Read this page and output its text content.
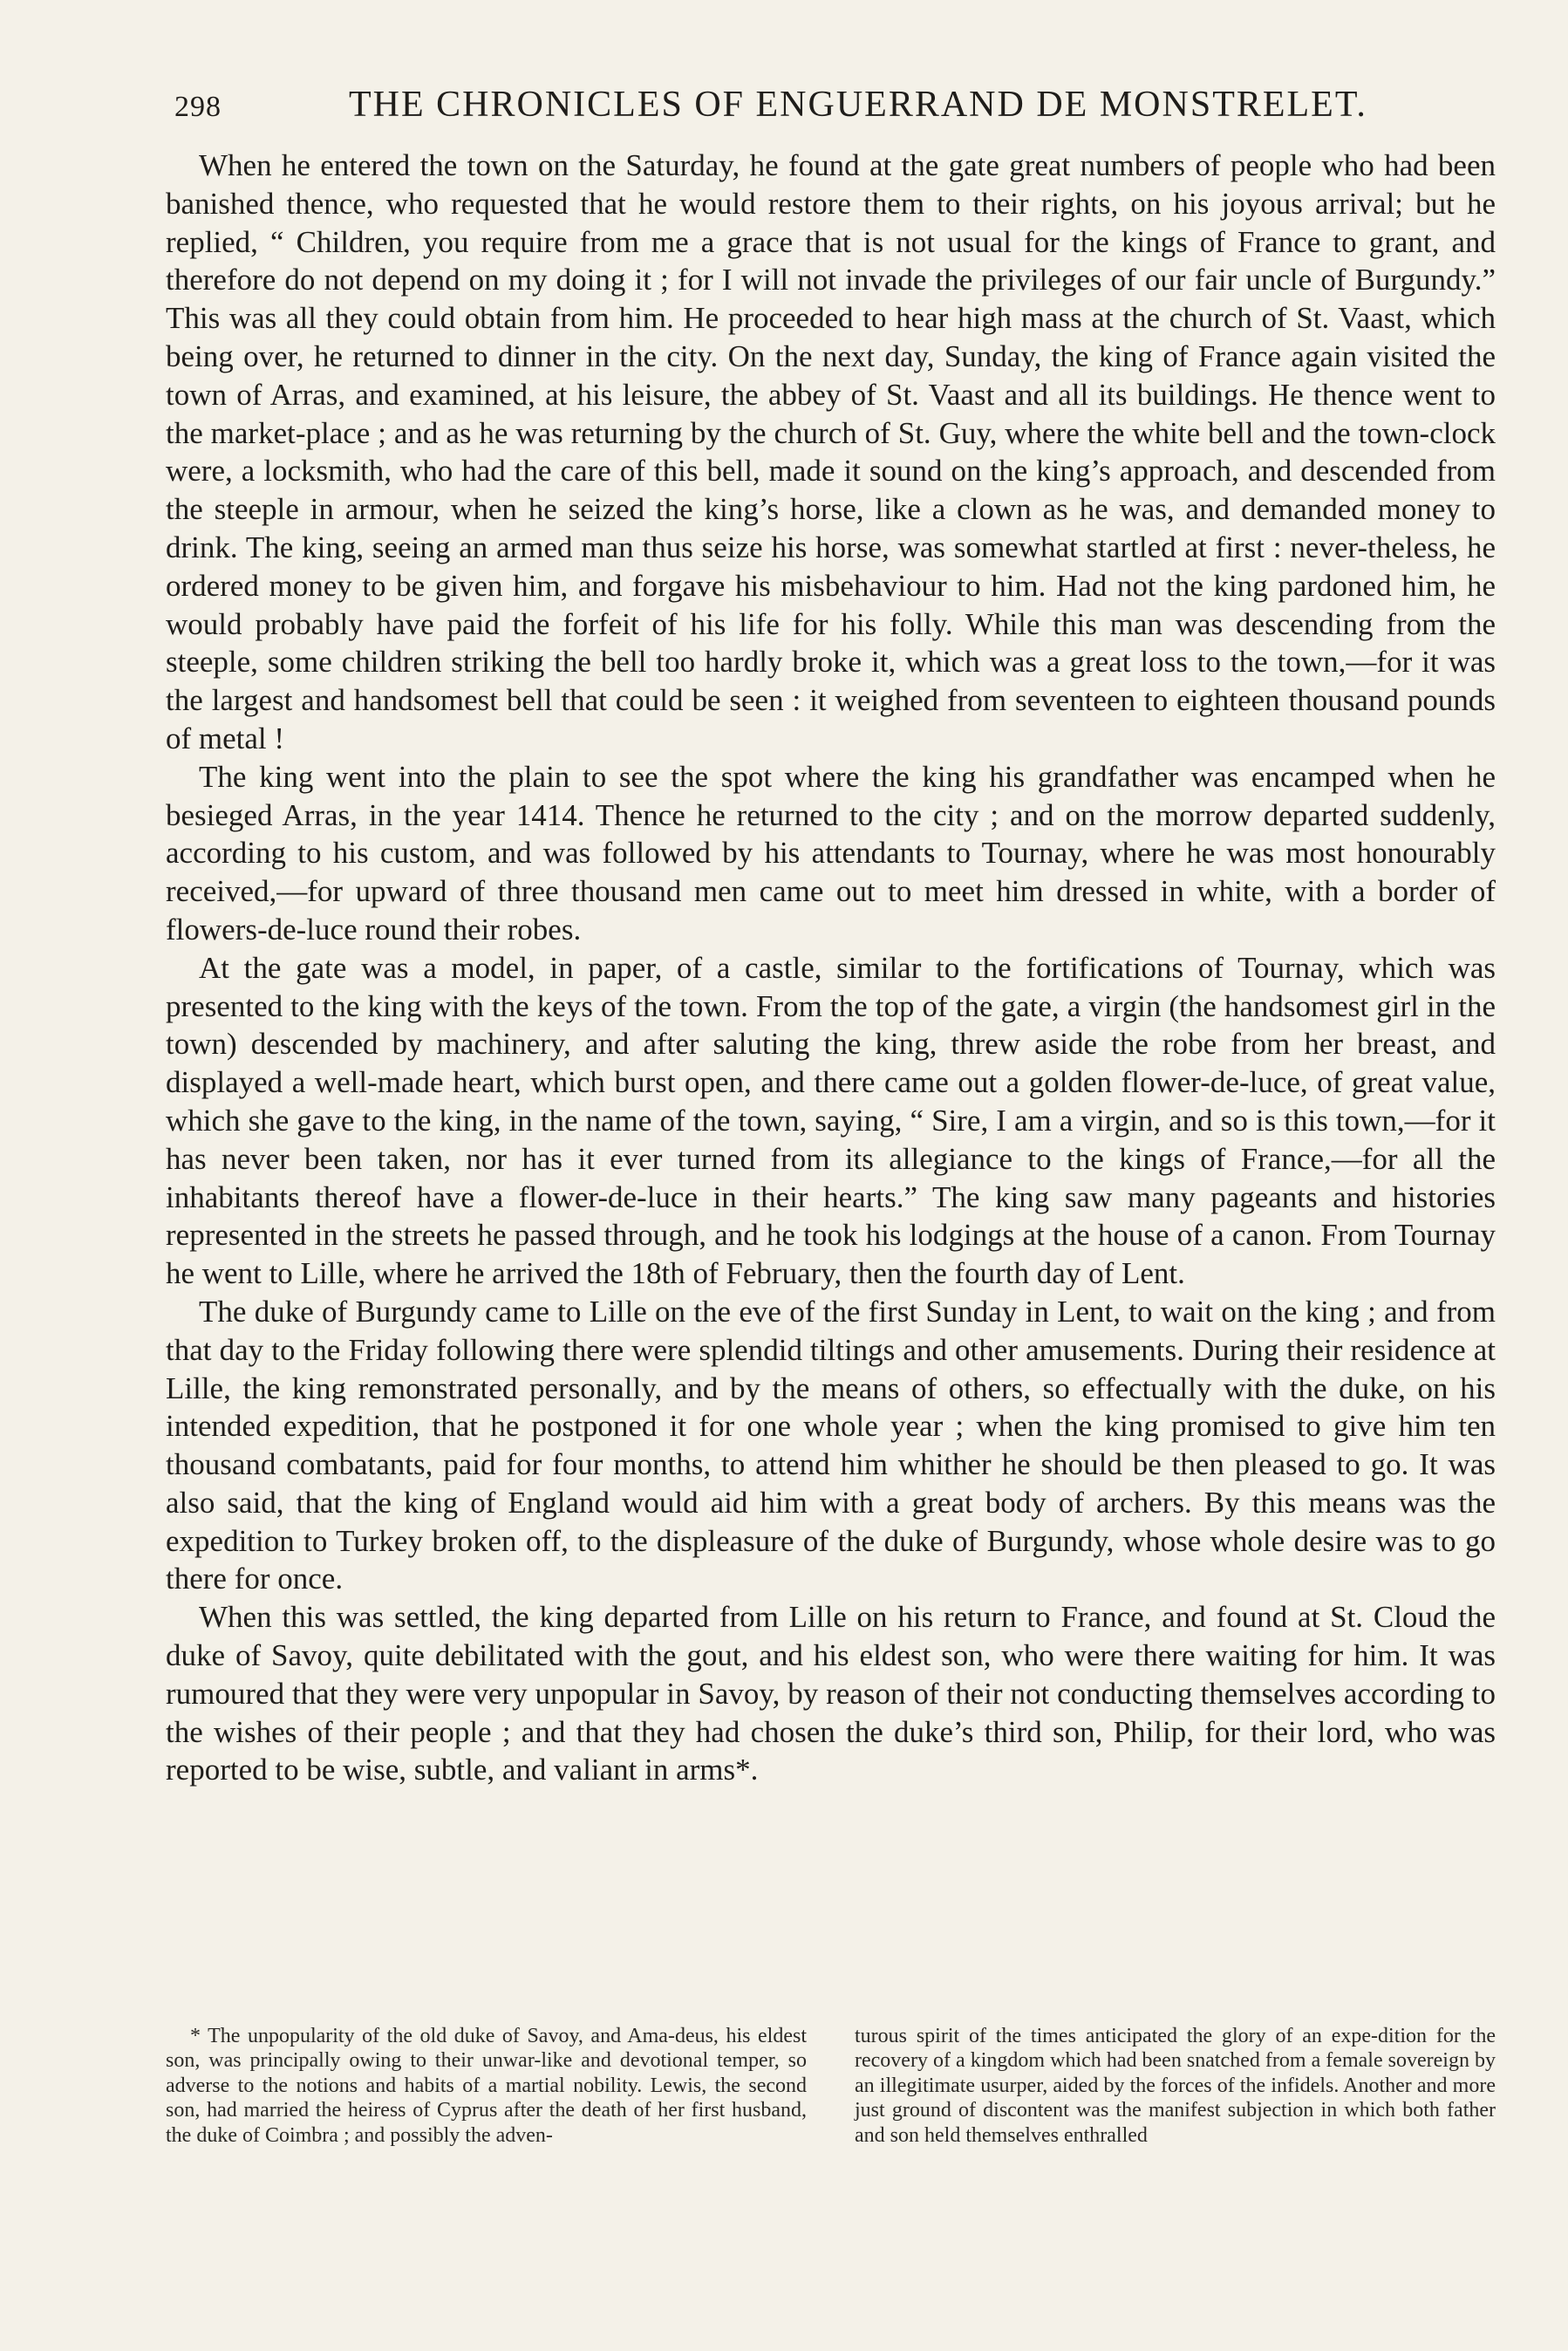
298	THE CHRONICLES OF ENGUERRAND DE MONSTRELET.

When he entered the town on the Saturday, he found at the gate great numbers of people who had been banished thence, who requested that he would restore them to their rights, on his joyous arrival; but he replied, “ Children, you require from me a grace that is not usual for the kings of France to grant, and therefore do not depend on my doing it ; for I will not invade the privileges of our fair uncle of Burgundy.” This was all they could obtain from him. He proceeded to hear high mass at the church of St. Vaast, which being over, he returned to dinner in the city. On the next day, Sunday, the king of France again visited the town of Arras, and examined, at his leisure, the abbey of St. Vaast and all its buildings. He thence went to the market-place ; and as he was returning by the church of St. Guy, where the white bell and the town-clock were, a locksmith, who had the care of this bell, made it sound on the king’s approach, and descended from the steeple in armour, when he seized the king’s horse, like a clown as he was, and demanded money to drink. The king, seeing an armed man thus seize his horse, was somewhat startled at first : never-theless, he ordered money to be given him, and forgave his misbehaviour to him. Had not the king pardoned him, he would probably have paid the forfeit of his life for his folly. While this man was descending from the steeple, some children striking the bell too hardly broke it, which was a great loss to the town,—for it was the largest and handsomest bell that could be seen : it weighed from seventeen to eighteen thousand pounds of metal !

The king went into the plain to see the spot where the king his grandfather was encamped when he besieged Arras, in the year 1414. Thence he returned to the city ; and on the morrow departed suddenly, according to his custom, and was followed by his attendants to Tournay, where he was most honourably received,—for upward of three thousand men came out to meet him dressed in white, with a border of flowers-de-luce round their robes.

At the gate was a model, in paper, of a castle, similar to the fortifications of Tournay, which was presented to the king with the keys of the town. From the top of the gate, a virgin (the handsomest girl in the town) descended by machinery, and after saluting the king, threw aside the robe from her breast, and displayed a well-made heart, which burst open, and there came out a golden flower-de-luce, of great value, which she gave to the king, in the name of the town, saying, “ Sire, I am a virgin, and so is this town,—for it has never been taken, nor has it ever turned from its allegiance to the kings of France,—for all the inhabitants thereof have a flower-de-luce in their hearts.” The king saw many pageants and histories represented in the streets he passed through, and he took his lodgings at the house of a canon. From Tournay he went to Lille, where he arrived the 18th of February, then the fourth day of Lent.

The duke of Burgundy came to Lille on the eve of the first Sunday in Lent, to wait on the king ; and from that day to the Friday following there were splendid tiltings and other amusements. During their residence at Lille, the king remonstrated personally, and by the means of others, so effectually with the duke, on his intended expedition, that he postponed it for one whole year ; when the king promised to give him ten thousand combatants, paid for four months, to attend him whither he should be then pleased to go. It was also said, that the king of England would aid him with a great body of archers. By this means was the expedition to Turkey broken off, to the displeasure of the duke of Burgundy, whose whole desire was to go there for once.

When this was settled, the king departed from Lille on his return to France, and found at St. Cloud the duke of Savoy, quite debilitated with the gout, and his eldest son, who were there waiting for him. It was rumoured that they were very unpopular in Savoy, by reason of their not conducting themselves according to the wishes of their people ; and that they had chosen the duke’s third son, Philip, for their lord, who was reported to be wise, subtle, and valiant in arms*.

* The unpopularity of the old duke of Savoy, and Ama-deus, his eldest son, was principally owing to their unwar-like and devotional temper, so adverse to the notions and habits of a martial nobility. Lewis, the second son, had married the heiress of Cyprus after the death of her first husband, the duke of Coimbra ; and possibly the adven-
turous spirit of the times anticipated the glory of an expe-dition for the recovery of a kingdom which had been snatched from a female sovereign by an illegitimate usurper, aided by the forces of the infidels. Another and more just ground of discontent was the manifest subjection in which both father and son held themselves enthralled
